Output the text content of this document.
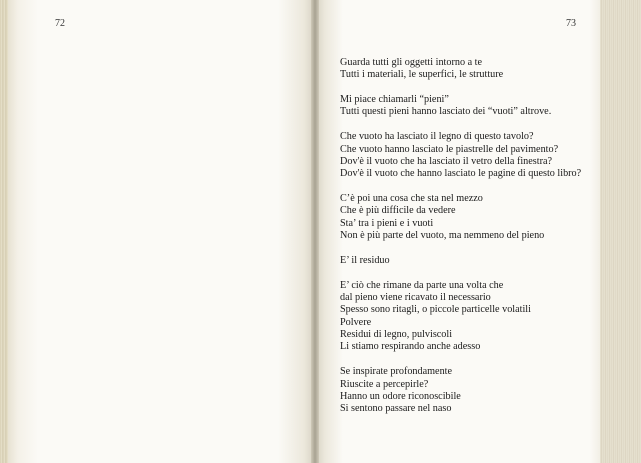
72	73
Guarda tutti gli oggetti intorno a te
Tutti i materiali, le superfici, le strutture
Mi piace chiamarli “pieni”
Tutti questi pieni hanno lasciato dei “vuoti” altrove.
Che vuoto ha lasciato il legno di questo tavolo?
Che vuoto hanno lasciato le piastrelle del pavimento?
Dov'è il vuoto che ha lasciato il vetro della finestra?
Dov'è il vuoto che hanno lasciato le pagine di questo libro?
C’è poi una cosa che sta nel mezzo
Che è più difficile da vedere
Sta’ tra i pieni e i vuoti
Non è più parte del vuoto, ma nemmeno del pieno
E’ il residuo
E’ ciò che rimane da parte una volta che
dal pieno viene ricavato il necessario
Spesso sono ritagli, o piccole particelle volatili
Polvere
Residui di legno, pulviscoli
Li stiamo respirando anche adesso
Se inspirate profondamente
Riuscite a percepirle?
Hanno un odore riconoscibile
Si sentono passare nel naso
